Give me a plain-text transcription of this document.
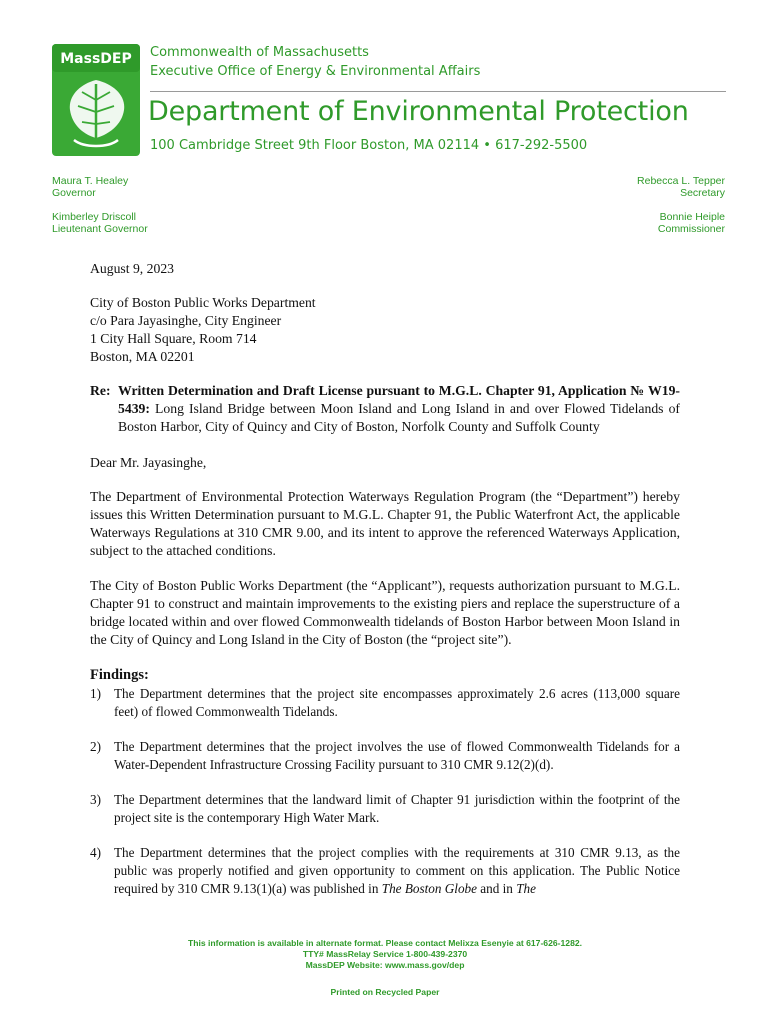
MassDEP Commonwealth of Massachusetts
Executive Office of Energy & Environmental Affairs
Department of Environmental Protection
100 Cambridge Street 9th Floor Boston, MA 02114 • 617-292-5500
Maura T. Healey
Governor
Kimberley Driscoll
Lieutenant Governor
Rebecca L. Tepper
Secretary
Bonnie Heiple
Commissioner
August 9, 2023
City of Boston Public Works Department
c/o Para Jayasinghe, City Engineer
1 City Hall Square, Room 714
Boston, MA 02201
Re: Written Determination and Draft License pursuant to M.G.L. Chapter 91, Application № W19-5439: Long Island Bridge between Moon Island and Long Island in and over Flowed Tidelands of Boston Harbor, City of Quincy and City of Boston, Norfolk County and Suffolk County
Dear Mr. Jayasinghe,

The Department of Environmental Protection Waterways Regulation Program (the “Department”) hereby issues this Written Determination pursuant to M.G.L. Chapter 91, the Public Waterfront Act, the applicable Waterways Regulations at 310 CMR 9.00, and its intent to approve the referenced Waterways Application, subject to the attached conditions.

The City of Boston Public Works Department (the “Applicant”), requests authorization pursuant to M.G.L. Chapter 91 to construct and maintain improvements to the existing piers and replace the superstructure of a bridge located within and over flowed Commonwealth tidelands of Boston Harbor between Moon Island in the City of Quincy and Long Island in the City of Boston (the “project site”).

Findings:
1) The Department determines that the project site encompasses approximately 2.6 acres (113,000 square feet) of flowed Commonwealth Tidelands.
2) The Department determines that the project involves the use of flowed Commonwealth Tidelands for a Water-Dependent Infrastructure Crossing Facility pursuant to 310 CMR 9.12(2)(d).
3) The Department determines that the landward limit of Chapter 91 jurisdiction within the footprint of the project site is the contemporary High Water Mark.
4) The Department determines that the project complies with the requirements at 310 CMR 9.13, as the public was properly notified and given opportunity to comment on this application. The Public Notice required by 310 CMR 9.13(1)(a) was published in The Boston Globe and in The
This information is available in alternate format. Please contact Melixza Esenyie at 617-626-1282.
TTY# MassRelay Service 1-800-439-2370
MassDEP Website: www.mass.gov/dep
Printed on Recycled Paper
